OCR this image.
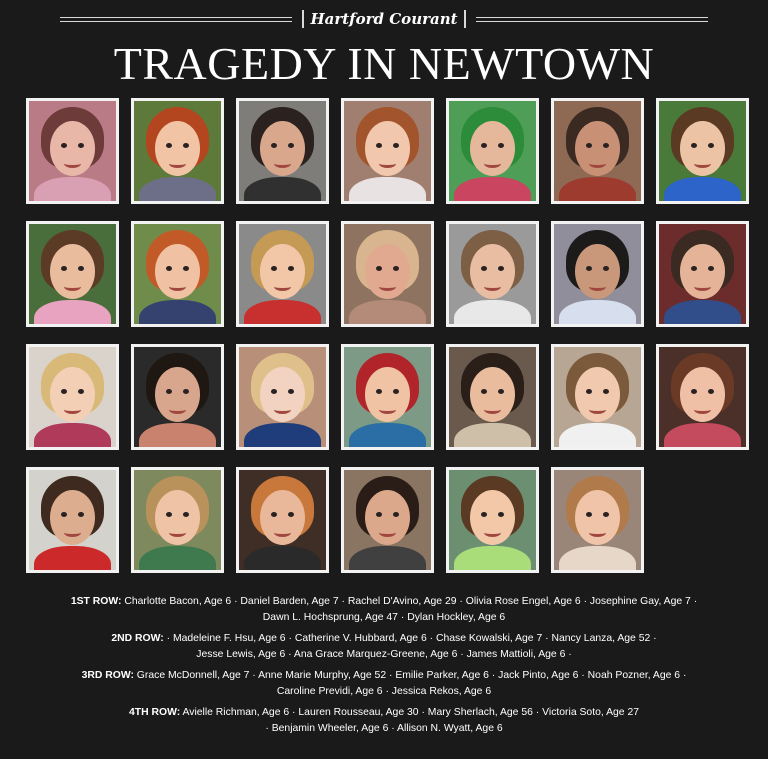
Hartford Courant
TRAGEDY IN NEWTOWN
1ST ROW: Charlotte Bacon, Age 6 · Daniel Barden, Age 7 · Rachel D'Avino, Age 29 · Olivia Rose Engel, Age 6 · Josephine Gay, Age 7 ·
Dawn L. Hochsprung, Age 47 · Dylan Hockley, Age 6
2ND ROW: · Madeleine F. Hsu, Age 6 · Catherine V. Hubbard, Age 6 · Chase Kowalski, Age 7 · Nancy Lanza, Age 52 ·
Jesse Lewis, Age 6 · Ana Grace Marquez-Greene, Age 6 · James Mattioli, Age 6 ·
3RD ROW: Grace McDonnell, Age 7 · Anne Marie Murphy, Age 52 · Emilie Parker, Age 6 · Jack Pinto, Age 6 · Noah Pozner, Age 6 ·
Caroline Previdi, Age 6 · Jessica Rekos, Age 6
4TH ROW: Avielle Richman, Age 6 · Lauren Rousseau, Age 30 · Mary Sherlach, Age 56 · Victoria Soto, Age 27
· Benjamin Wheeler, Age 6 · Allison N. Wyatt, Age 6
